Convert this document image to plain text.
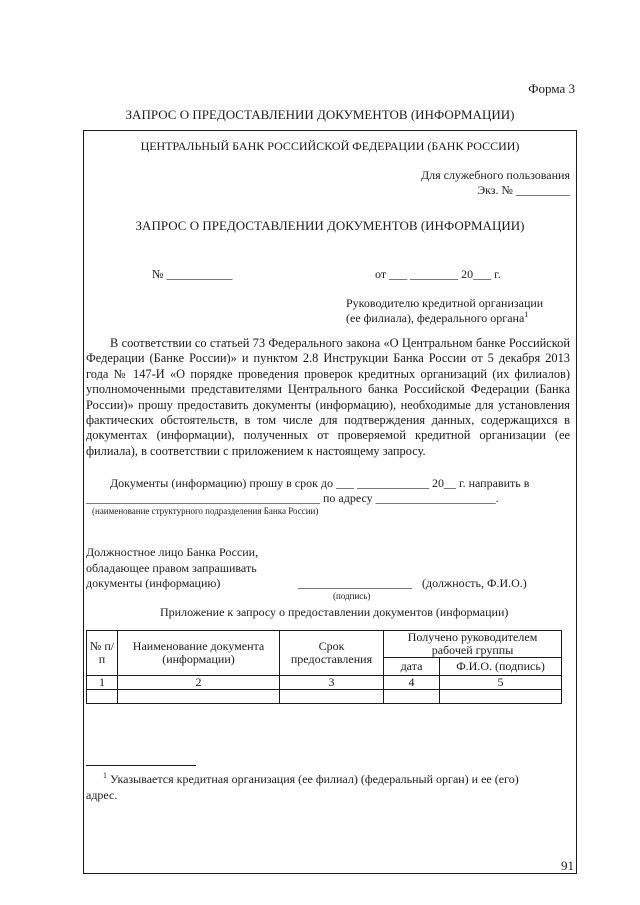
Форма 3
ЗАПРОС О ПРЕДОСТАВЛЕНИИ ДОКУМЕНТОВ (ИНФОРМАЦИИ)
ЦЕНТРАЛЬНЫЙ БАНК РОССИЙСКОЙ ФЕДЕРАЦИИ (БАНК РОССИИ)
Для служебного пользования
Экз. № _________
ЗАПРОС О ПРЕДОСТАВЛЕНИИ ДОКУМЕНТОВ (ИНФОРМАЦИИ)
№ ___________	от ___ ________ 20___ г.
Руководителю кредитной организации
(ее филиала), федерального органа$^1$

В соответствии со статьей 73 Федерального закона «О Центральном банке Российской Федерации (Банке России)» и пунктом 2.8 Инструкции Банка России от 5 декабря 2013 года № 147-И «О порядке проведения проверок кредитных организаций (их филиалов) уполномоченными представителями Центрального банка Российской Федерации (Банка России)» прошу предоставить документы (информацию), необходимые для установления фактических обстоятельств, в том числе для подтверждения данных, содержащихся в документах (информации), полученных от проверяемой кредитной организации (ее филиала), в соответствии с приложением к настоящему запросу.

Документы (информацию) прошу в срок до ___ ____________ 20__ г. направить в
_______________________________________ по адресу ____________________.
(наименование структурного подразделения Банка России)
Должностное лицо Банка России,
обладающее правом запрашивать
документы (информацию)	___________________ (должность, Ф.И.О.)
(подпись)
Приложение к запросу о предоставлении документов (информации)
№ п/п	Наименование документа (информации)	Срок предоставления	Получено руководителем рабочей группы	
			дата	Ф.И.О. (подпись)
1	2	3	4	5

$^1$ Указывается кредитная организация (ее филиал) (федеральный орган) и ее (его)
адрес.
91
